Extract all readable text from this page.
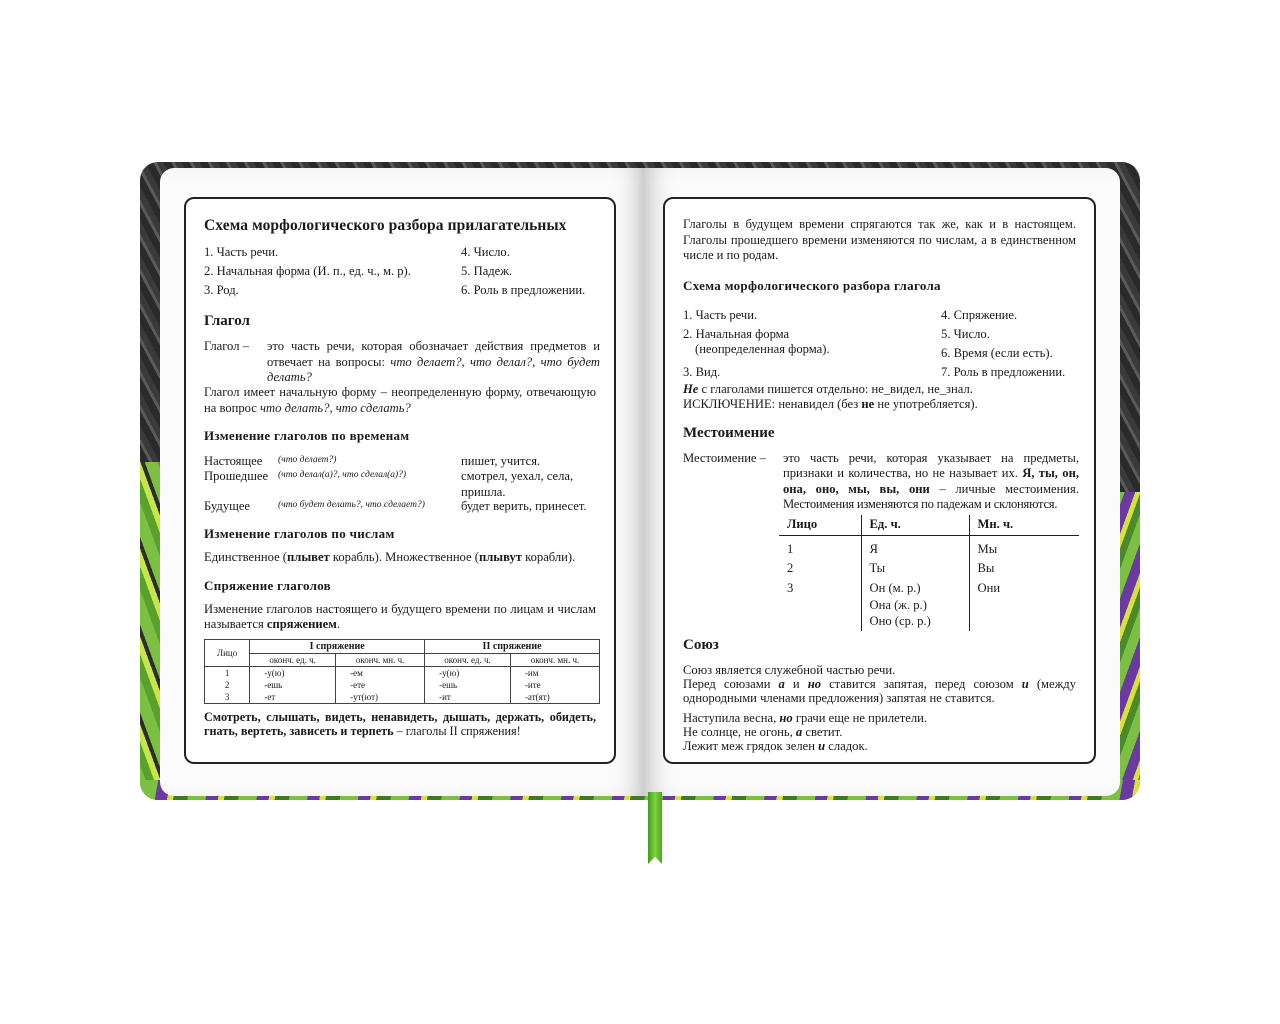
Схема морфологического разбора прилагательных
1. Часть речи.
2. Начальная форма (И. п., ед. ч., м. р).
3. Род.
4. Число.
5. Падеж.
6. Роль в предложении.
Глагол
Глагол – это часть речи, которая обозначает действия предметов и отвечает на вопросы: что делает?, что делал?, что будет делать?
Глагол имеет начальную форму – неопределенную форму, отвечающую на вопрос что делать?, что сделать?
Изменение глаголов по временам
Настоящее (что делает?)	пишет, учится.
Прошедшее (что делал(а)?, что сделал(а)?)	смотрел, уехал, села, пришла.
Будущее	(что будет делать?, что сделает?)	будет верить, принесет.
Изменение глаголов по числам
Единственное (плывет корабль). Множественное (плывут корабли).
Спряжение глаголов
Изменение глаголов настоящего и будущего времени по лицам и числам называется спряжением.
Лицо	I спряжение		II спряжение	
	оконч. ед. ч.	оконч. мн. ч.	оконч. ед. ч.	оконч. мн. ч.
1	-у(ю)	-ем	-у(ю)	-им
2	-ешь	-ете	-ешь	-ите
3	-ет	-ут(ют)	-ит	-ат(ят)
Смотреть, слышать, видеть, ненавидеть, дышать, держать, обидеть, гнать, вертеть, зависеть и терпеть – глаголы II спряжения!
Глаголы в будущем времени спрягаются так же, как и в настоящем. Глаголы прошедшего времени изменяются по числам, а в единственном числе и по родам.
Схема морфологического разбора глагола
1. Часть речи.
2. Начальная форма
(неопределенная форма).
3. Вид.
4. Спряжение.
5. Число.
6. Время (если есть).
7. Роль в предложении.
Не с глаголами пишется отдельно: не_видел, не_знал.
ИСКЛЮЧЕНИЕ: ненавидел (без не не употребляется).
Местоимение
Местоимение – это часть речи, которая указывает на предметы, признаки и количества, но не называет их. Я, ты, он, она, оно, мы, вы, они – личные местоимения. Местоимения изменяются по падежам и склоняются.
Лицо	Ед. ч.	Мн. ч.
1	Я	Мы
2	Ты	Вы
3	Он (м. р.)	Они
	Она (ж. р.)	
	Оно (ср. р.)	
Союз
Союз является служебной частью речи.
Перед союзами а и но ставится запятая, перед союзом и (между однородными членами предложения) запятая не ставится.
Наступила весна, но грачи еще не прилетели.
Не солнце, не огонь, а светит.
Лежит меж грядок зелен и сладок.
